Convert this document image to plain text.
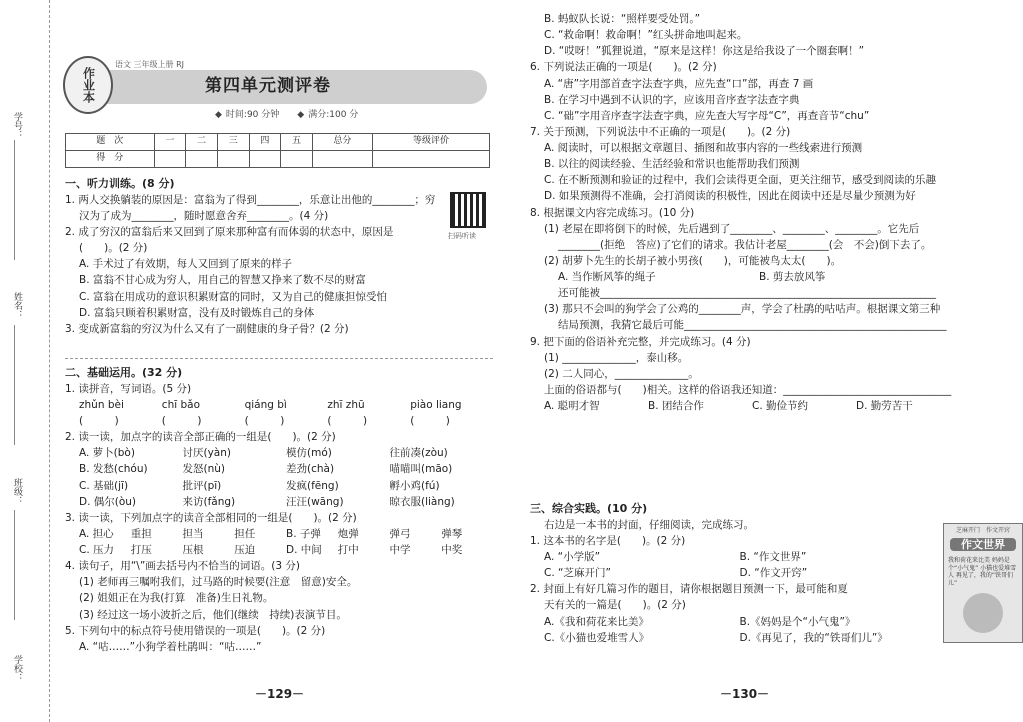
学号：
姓名：
班级：
学校：
作业本
语文 三年级上册 RJ
第四单元测评卷
◆ 时间:90 分钟 ◆ 满分:100 分
题　次	一	二	三	四	五	总分	等级评价
得　分							
扫码听读
一、听力训练。(8 分)
1. 两人交换躺装的原因是：富翁为了得到________，乐意让出他的________；穷
汉为了成为________，随时愿意舍弃________。(4 分)
2. 成了穷汉的富翁后来又回到了原来那种富有而体弱的状态中，原因是
(　　)。(2 分)
A. 手术过了有效期，每人又回到了原来的样子
B. 富翁不甘心成为穷人，用自己的智慧又挣来了数不尽的财富
C. 富翁在用成功的意识积累财富的同时，又为自己的健康担惊受怕
D. 富翁只顾着积累财富，没有及时锻炼自己的身体
3. 变成新富翁的穷汉为什么又有了一副健康的身子骨？(2 分)
二、基础运用。(32 分)
1. 读拼音，写词语。(5 分)
zhǔn bèi	chī bǎo	qiáng bì	zhī zhū	piào liang
(　　　)	(　　　)	(　　　)	(　　　)	(　　　)
2. 读一读，加点字的读音全部正确的一组是(　　)。(2 分)
A. 萝卜(bò)	讨厌(yàn)	模仿(mó)	往前凑(zòu)
B. 发愁(chóu)	发怒(nù)	差劲(chà)	喵喵叫(māo)
C. 基础(jī)	批评(pī)	发疯(fēng)	孵小鸡(fú)
D. 偶尔(òu)	来访(fǎng)	汪汪(wāng)	晾衣服(liàng)
3. 读一读，下列加点字的读音全部相同的一组是(　　)。(2 分)
A. 担心	重担	担当	担任	B. 子弹	炮弹	弹弓	弹琴
C. 压力	打压	压根	压迫	D. 中间	打中	中学	中奖
4. 读句子，用“\”画去括号内不恰当的词语。(3 分)
(1) 老师再三嘱咐我们，过马路的时候要(注意　留意)安全。
(2) 姐姐正在为我(打算　准备)生日礼物。
(3) 经过这一场小波折之后，他们(继续　持续)表演节目。
5. 下列句中的标点符号使用错误的一项是(　　)。(2 分)
A. “咕……”小狗学着杜鹃叫：“咕……”
－129－
B. 蚂蚁队长说：“照样要受处罚。”
C. “救命啊！救命啊！”红头拼命地叫起来。
D. “哎呀！”狐狸说道，“原来是这样！你这是给我设了一个圈套啊！”
6. 下列说法正确的一项是(　　)。(2 分)
A. “唐”字用部首查字法查字典，应先查“口”部，再查 7 画
B. 在学习中遇到不认识的字，应该用音序查字法查字典
C. “础”字用音序查字法查字典，应先查大写字母“C”，再查音节“chu”
7. 关于预测，下列说法中不正确的一项是(　　)。(2 分)
A. 阅读时，可以根据文章题目、插图和故事内容的一些线索进行预测
B. 以往的阅读经验、生活经验和常识也能帮助我们预测
C. 在不断预测和验证的过程中，我们会读得更全面，更关注细节，感受到阅读的乐趣
D. 如果预测得不准确，会打消阅读的积极性，因此在阅读中还是尽量少预测为好
8. 根据课文内容完成练习。(10 分)
(1) 老屋在即将倒下的时候，先后遇到了________、________、________。它先后
________(拒绝　答应)了它们的请求。我估计老屋________(会　不会)倒下去了。
(2) 胡萝卜先生的长胡子被小男孩(　　)，可能被鸟太太(　　)。
A. 当作断风筝的绳子	B. 剪去放风筝
还可能被________________________________________________________________
(3) 那只不会叫的狗学会了公鸡的________声，学会了杜鹃的咕咕声。根据课文第三种
结局预测，我猜它最后可能__________________________________________________
9. 把下面的俗语补充完整，并完成练习。(4 分)
(1) ______________，泰山移。
(2) 二人同心，______________。
上面的俗语都与(　　)相关。这样的俗语我还知道：________________________________
A. 聪明才智	B. 团结合作	C. 勤俭节约	D. 勤劳苦干
三、综合实践。(10 分)
右边是一本书的封面，仔细阅读，完成练习。
1. 这本书的名字是(　　)。(2 分)
A. “小学版”	B. “作文世界”
C. “芝麻开门”	D. “作文开窍”
2. 封面上有好几篇习作的题目，请你根据题目预测一下，最可能和夏
天有关的一篇是(　　)。(2 分)
A.《我和荷花来比美》	B.《妈妈是个“小气鬼”》
C.《小猫也爱堆雪人》	D.《再见了，我的“铁哥们儿”》
芝麻开门　作文开窍
作文世界
我和荷花来比美 妈妈是个“小气鬼” 小猫也爱堆雪人 再见了，我的“铁哥们儿”
－130－
